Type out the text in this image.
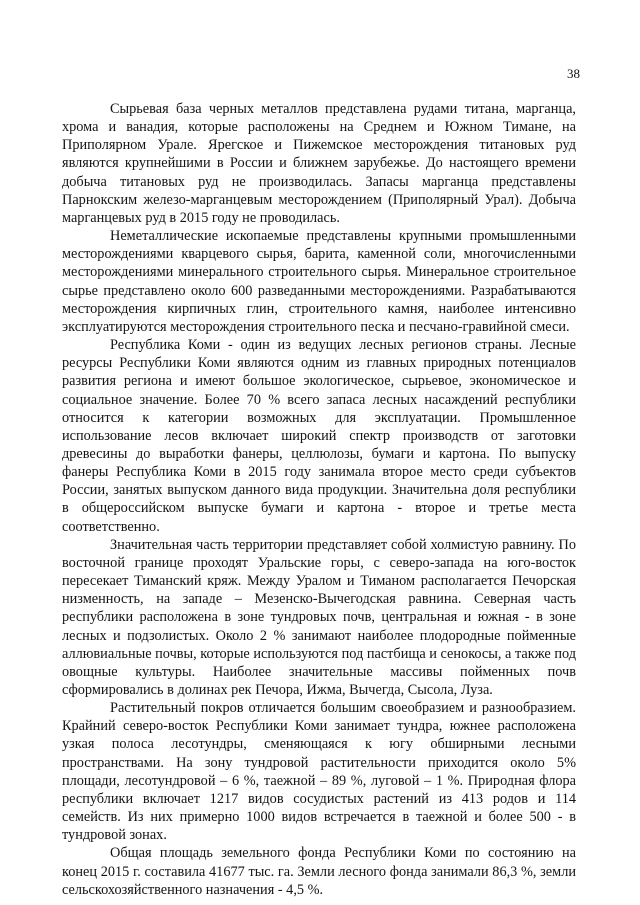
38

Сырьевая база черных металлов представлена рудами титана, марганца, хрома и ванадия, которые расположены на Среднем и Южном Тимане, на Приполярном Урале. Ярегское и Пижемское месторождения титановых руд являются крупнейшими в России и ближнем зарубежье. До настоящего времени добыча титановых руд не производилась. Запасы марганца представлены Парнокским железо-марганцевым месторождением (Приполярный Урал). Добыча марганцевых руд в 2015 году не проводилась.

Неметаллические ископаемые представлены крупными промышленными месторождениями кварцевого сырья, барита, каменной соли, многочисленными месторождениями минерального строительного сырья. Минеральное строительное сырье представлено около 600 разведанными месторождениями. Разрабатываются месторождения кирпичных глин, строительного камня, наиболее интенсивно эксплуатируются месторождения строительного песка и песчано-гравийной смеси.

Республика Коми - один из ведущих лесных регионов страны. Лесные ресурсы Республики Коми являются одним из главных природных потенциалов развития региона и имеют большое экологическое, сырьевое, экономическое и социальное значение. Более 70 % всего запаса лесных насаждений республики относится к категории возможных для эксплуатации. Промышленное использование лесов включает широкий спектр производств от заготовки древесины до выработки фанеры, целлюлозы, бумаги и картона. По выпуску фанеры Республика Коми в 2015 году занимала второе место среди субъектов России, занятых выпуском данного вида продукции. Значительна доля республики в общероссийском выпуске бумаги и картона - второе и третье места соответственно.

Значительная часть территории представляет собой холмистую равнину. По восточной границе проходят Уральские горы, с северо-запада на юго-восток пересекает Тиманский кряж. Между Уралом и Тиманом располагается Печорская низменность, на западе – Мезенско-Вычегодская равнина. Северная часть республики расположена в зоне тундровых почв, центральная и южная - в зоне лесных и подзолистых. Около 2 % занимают наиболее плодородные пойменные аллювиальные почвы, которые используются под пастбища и сенокосы, а также под овощные культуры. Наиболее значительные массивы пойменных почв сформировались в долинах рек Печора, Ижма, Вычегда, Сысола, Луза.

Растительный покров отличается большим своеобразием и разнообразием. Крайний северо-восток Республики Коми занимает тундра, южнее расположена узкая полоса лесотундры, сменяющаяся к югу обширными лесными пространствами. На зону тундровой растительности приходится около 5% площади, лесотундровой – 6 %, таежной – 89 %, луговой – 1 %. Природная флора республики включает 1217 видов сосудистых растений из 413 родов и 114 семейств. Из них примерно 1000 видов встречается в таежной и более 500 - в тундровой зонах.

Общая площадь земельного фонда Республики Коми по состоянию на конец 2015 г. составила 41677 тыс. га. Земли лесного фонда занимали 86,3 %, земли сельскохозяйственного назначения - 4,5 %.
